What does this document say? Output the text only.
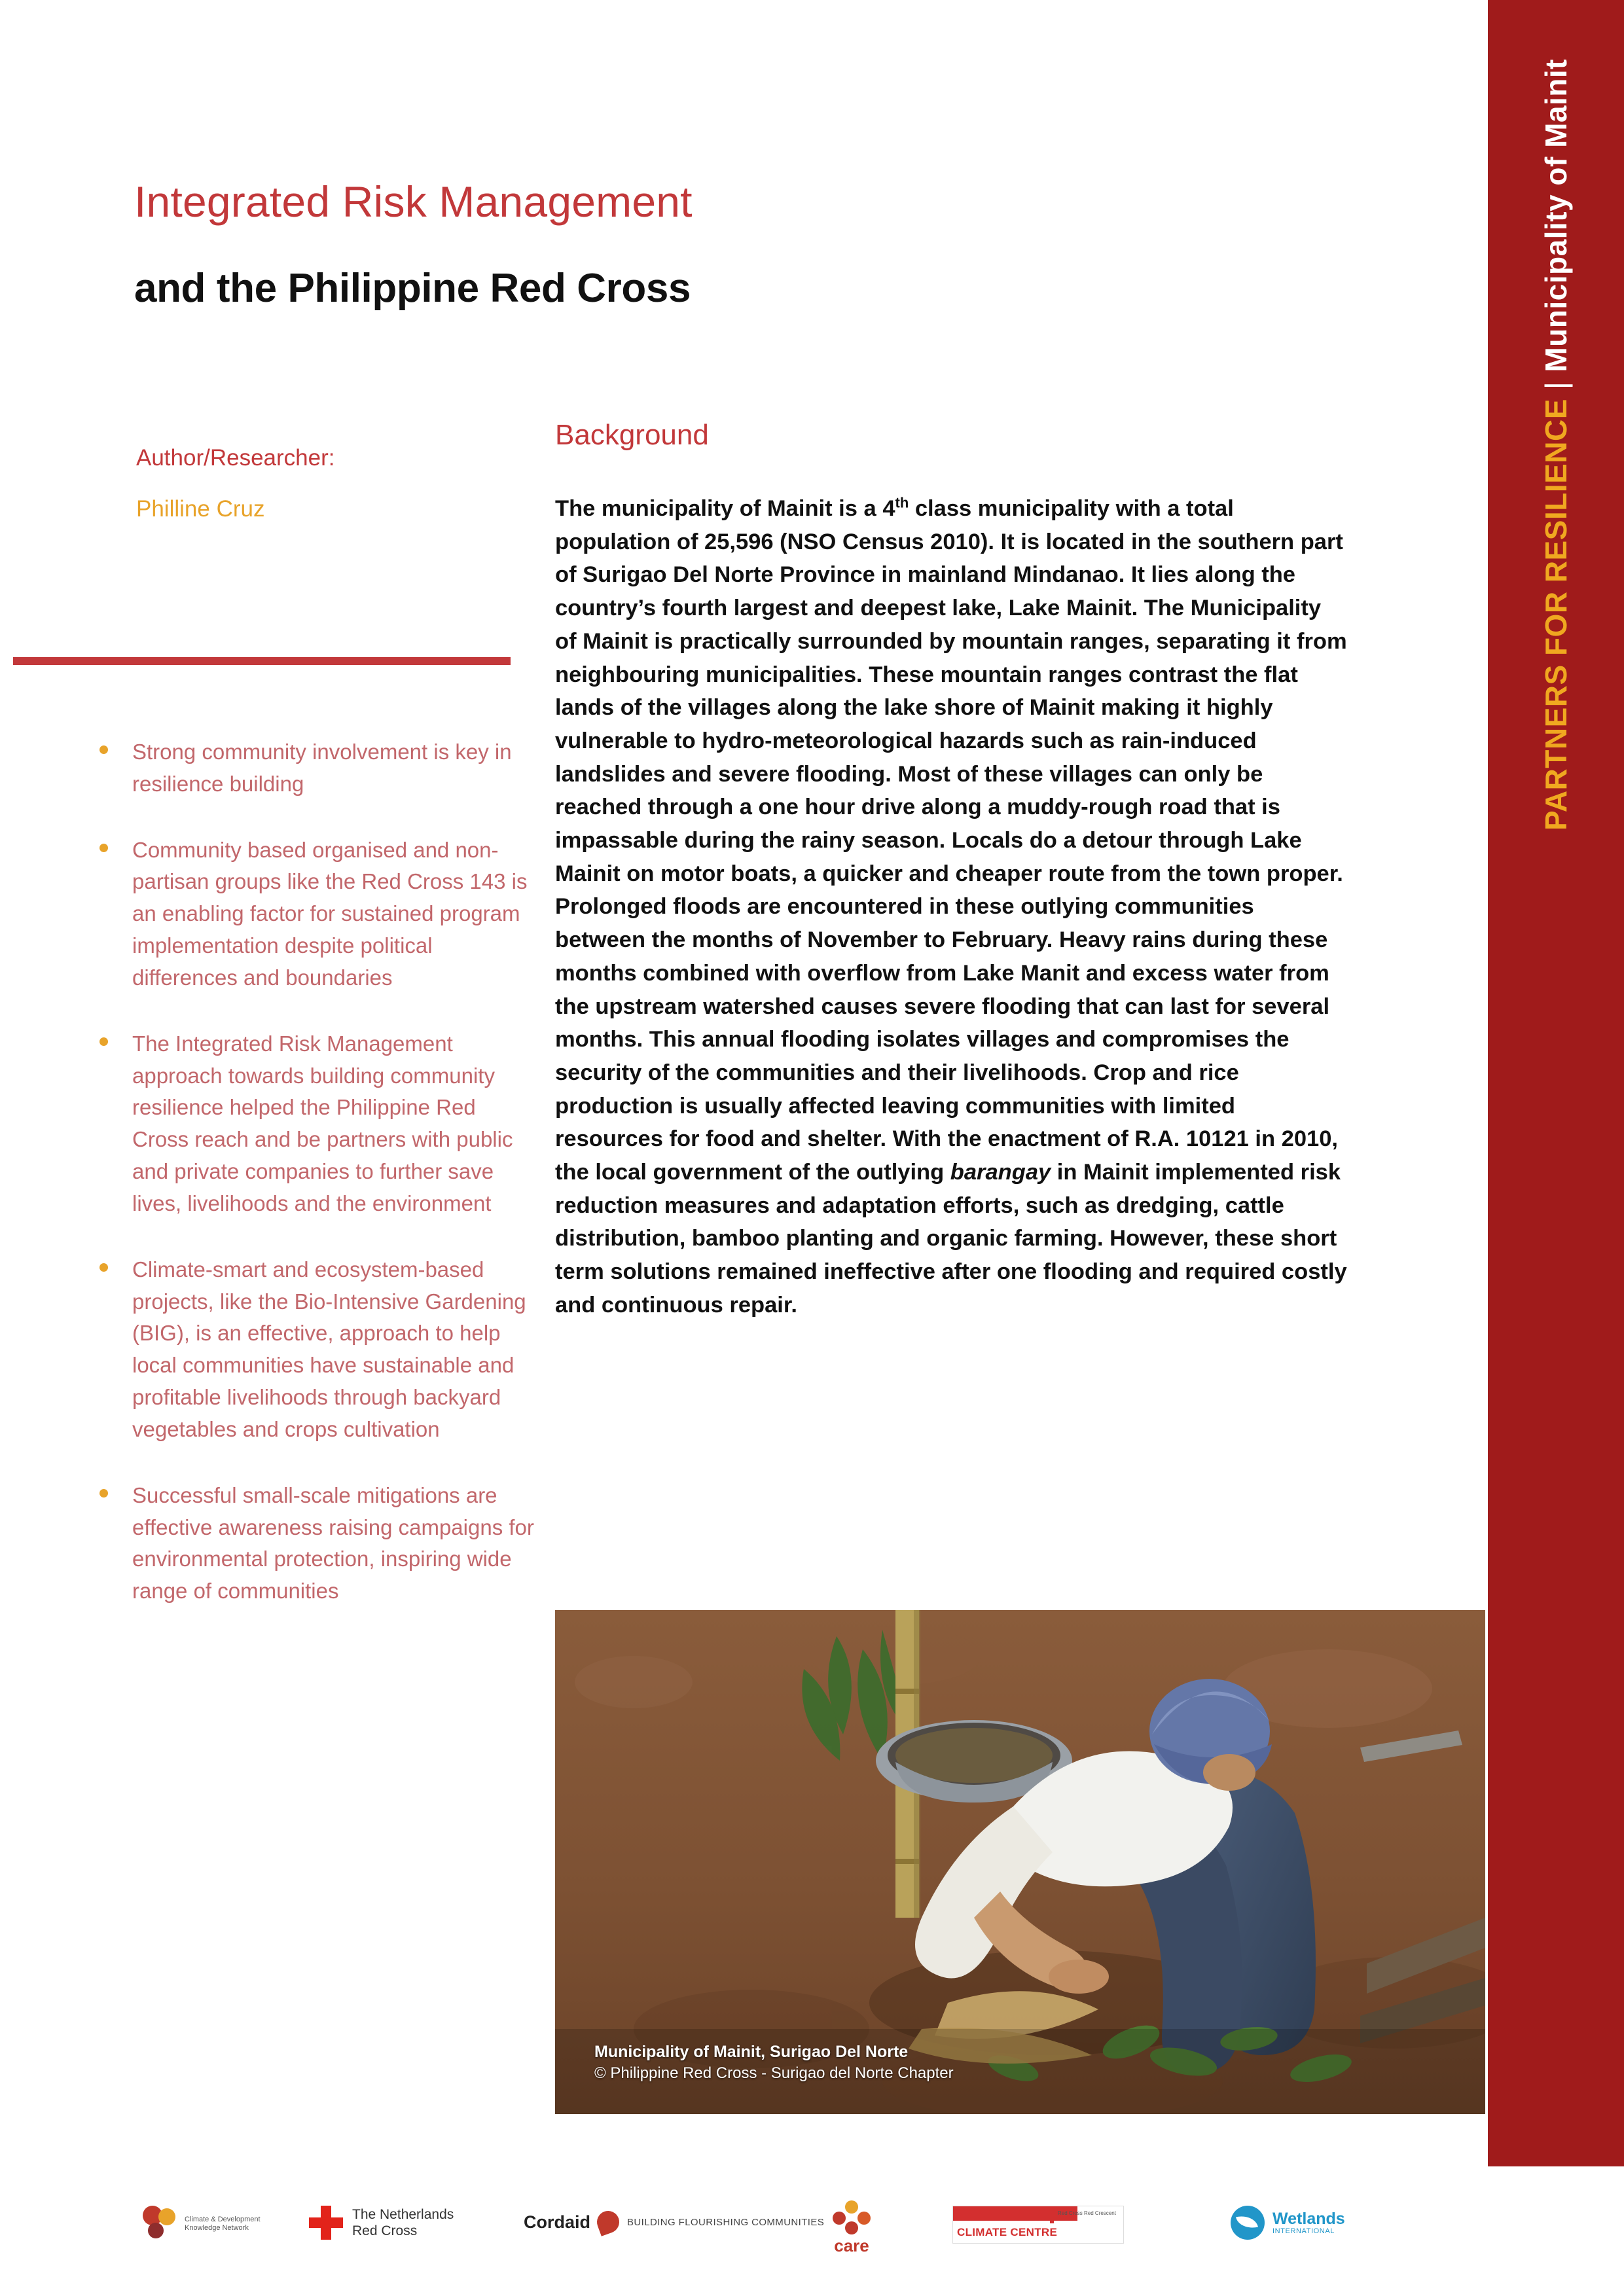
PARTNERS FOR RESILIENCE
|
Municipality of Mainit
Integrated Risk Management
and the Philippine Red Cross
Author/Researcher:
Philline Cruz
Strong community involvement is key in resilience building
Community based organised and non-partisan groups like the Red Cross 143 is an enabling factor for sustained program implementation despite political differences and boundaries
The Integrated Risk Management approach towards building community resilience helped the Philippine Red Cross reach and be partners with public and private companies to further save lives, livelihoods and the environment
Climate-smart and ecosystem-based projects, like the Bio-Intensive Gardening (BIG), is an effective, approach to help local communities have sustainable and profitable livelihoods through backyard vegetables and crops cultivation
Successful small-scale mitigations are effective awareness raising campaigns for environmental protection, inspiring wide range of communities
Background
The municipality of Mainit is a 4th class municipality with a total population of 25,596 (NSO Census 2010). It is located in the southern part of Surigao Del Norte Province in mainland Mindanao. It lies along the country’s fourth largest and deepest lake, Lake Mainit. The Municipality of Mainit is practically surrounded by mountain ranges, separating it from neighbouring municipalities. These mountain ranges contrast the flat lands of the villages along the lake shore of Mainit making it highly vulnerable to hydro-meteorological hazards such as rain-induced landslides and severe flooding. Most of these villages can only be reached through a one hour drive along a muddy-rough road that is impassable during the rainy season. Locals do a detour through Lake Mainit on motor boats, a quicker and cheaper route from the town proper. Prolonged floods are encountered in these outlying communities between the months of November to February. Heavy rains during these months combined with overflow from Lake Manit and excess water from the upstream watershed causes severe flooding that can last for several months. This annual flooding isolates villages and compromises the security of the communities and their livelihoods. Crop and rice production is usually affected leaving communities with limited resources for food and shelter. With the enactment of R.A. 10121 in 2010, the local government of the outlying barangay in Mainit implemented risk reduction measures and adaptation efforts, such as dredging, cattle distribution, bamboo planting and organic farming. However, these short term solutions remained ineffective after one flooding and required costly and continuous repair.
Municipality of Mainit, Surigao Del Norte
© Philippine Red Cross - Surigao del Norte Chapter
Climate & Development Knowledge Network
The Netherlands
Red Cross	Cordaid	BUILDING FLOURISHING COMMUNITIES
care
Red Cross Red Crescent
CLIMATE CENTRE
Wetlands
INTERNATIONAL
